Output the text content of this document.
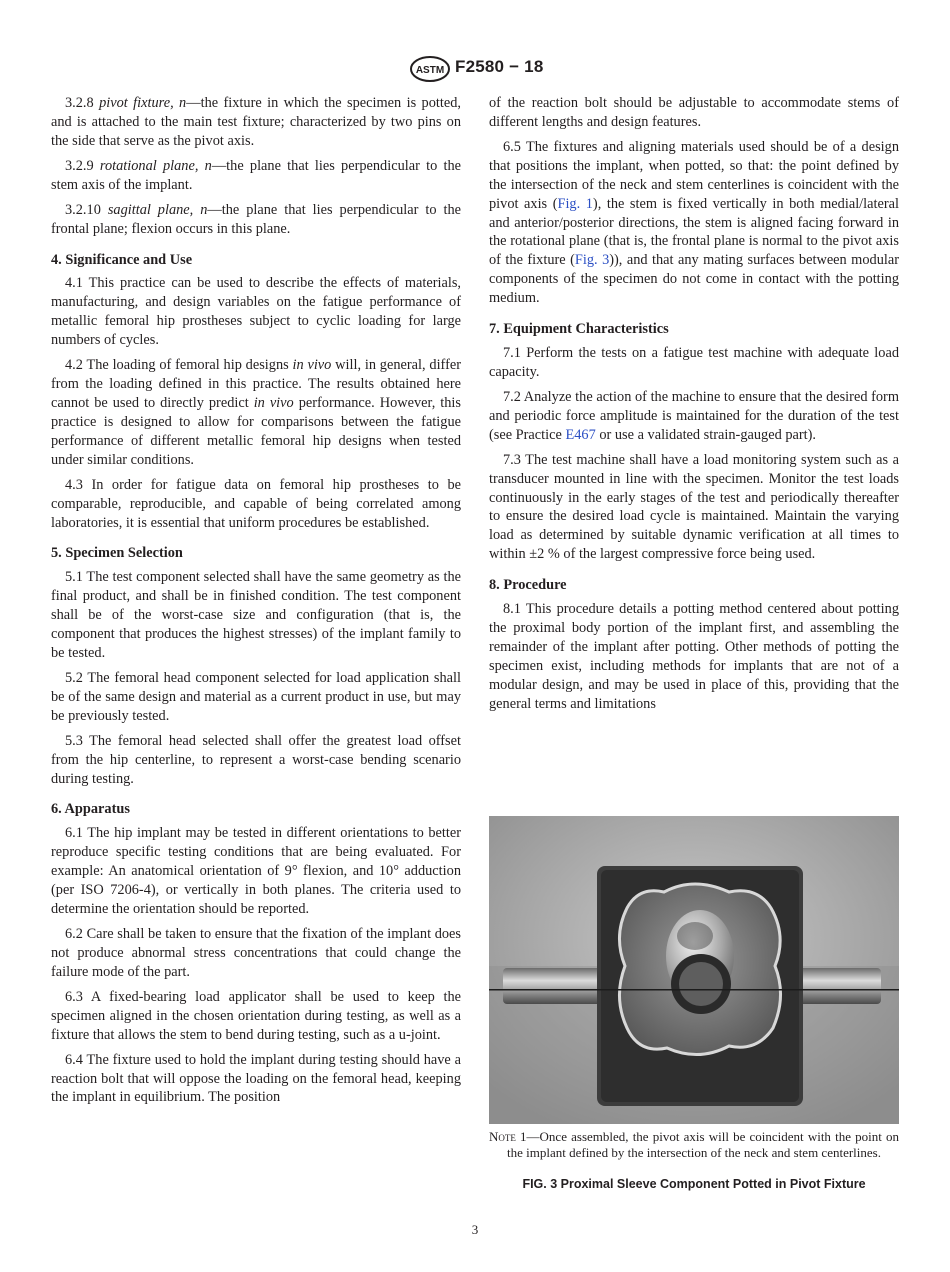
ASTM F2580 − 18

3.2.8 pivot fixture, n—the fixture in which the specimen is potted, and is attached to the main test fixture; characterized by two pins on the side that serve as the pivot axis.

3.2.9 rotational plane, n—the plane that lies perpendicular to the stem axis of the implant.

3.2.10 sagittal plane, n—the plane that lies perpendicular to the frontal plane; flexion occurs in this plane.

4. Significance and Use

4.1 This practice can be used to describe the effects of materials, manufacturing, and design variables on the fatigue performance of metallic femoral hip prostheses subject to cyclic loading for large numbers of cycles.

4.2 The loading of femoral hip designs in vivo will, in general, differ from the loading defined in this practice. The results obtained here cannot be used to directly predict in vivo performance. However, this practice is designed to allow for comparisons between the fatigue performance of different metallic femoral hip designs when tested under similar conditions.

4.3 In order for fatigue data on femoral hip prostheses to be comparable, reproducible, and capable of being correlated among laboratories, it is essential that uniform procedures be established.

5. Specimen Selection

5.1 The test component selected shall have the same geometry as the final product, and shall be in finished condition. The test component shall be of the worst-case size and configuration (that is, the component that produces the highest stresses) of the implant family to be tested.

5.2 The femoral head component selected for load application shall be of the same design and material as a current product in use, but may be previously tested.

5.3 The femoral head selected shall offer the greatest load offset from the hip centerline, to represent a worst-case bending scenario during testing.

6. Apparatus

6.1 The hip implant may be tested in different orientations to better reproduce specific testing conditions that are being evaluated. For example: An anatomical orientation of 9° flexion, and 10° adduction (per ISO 7206-4), or vertically in both planes. The criteria used to determine the orientation should be reported.

6.2 Care shall be taken to ensure that the fixation of the implant does not produce abnormal stress concentrations that could change the failure mode of the part.

6.3 A fixed-bearing load applicator shall be used to keep the specimen aligned in the chosen orientation during testing, as well as a fixture that allows the stem to bend during testing, such as a u-joint.

6.4 The fixture used to hold the implant during testing should have a reaction bolt that will oppose the loading on the femoral head, keeping the implant in equilibrium. The position

of the reaction bolt should be adjustable to accommodate stems of different lengths and design features.

6.5 The fixtures and aligning materials used should be of a design that positions the implant, when potted, so that: the point defined by the intersection of the neck and stem centerlines is coincident with the pivot axis (Fig. 1), the stem is fixed vertically in both medial/lateral and anterior/posterior directions, the stem is aligned facing forward in the rotational plane (that is, the frontal plane is normal to the pivot axis of the fixture (Fig. 3)), and that any mating surfaces between modular components of the specimen do not come in contact with the potting medium.

7. Equipment Characteristics

7.1 Perform the tests on a fatigue test machine with adequate load capacity.

7.2 Analyze the action of the machine to ensure that the desired form and periodic force amplitude is maintained for the duration of the test (see Practice E467 or use a validated strain-gauged part).

7.3 The test machine shall have a load monitoring system such as a transducer mounted in line with the specimen. Monitor the test loads continuously in the early stages of the test and periodically thereafter to ensure the desired load cycle is maintained. Maintain the varying load as determined by suitable dynamic verification at all times to within ±2 % of the largest compressive force being used.

8. Procedure

8.1 This procedure details a potting method centered about potting the proximal body portion of the implant first, and assembling the remainder of the implant after potting. Other methods of potting the specimen exist, including methods for implants that are not of a modular design, and may be used in place of this, providing that the general terms and limitations

Note 1—Once assembled, the pivot axis will be coincident with the point on the implant defined by the intersection of the neck and stem centerlines.
FIG. 3 Proximal Sleeve Component Potted in Pivot Fixture
3
